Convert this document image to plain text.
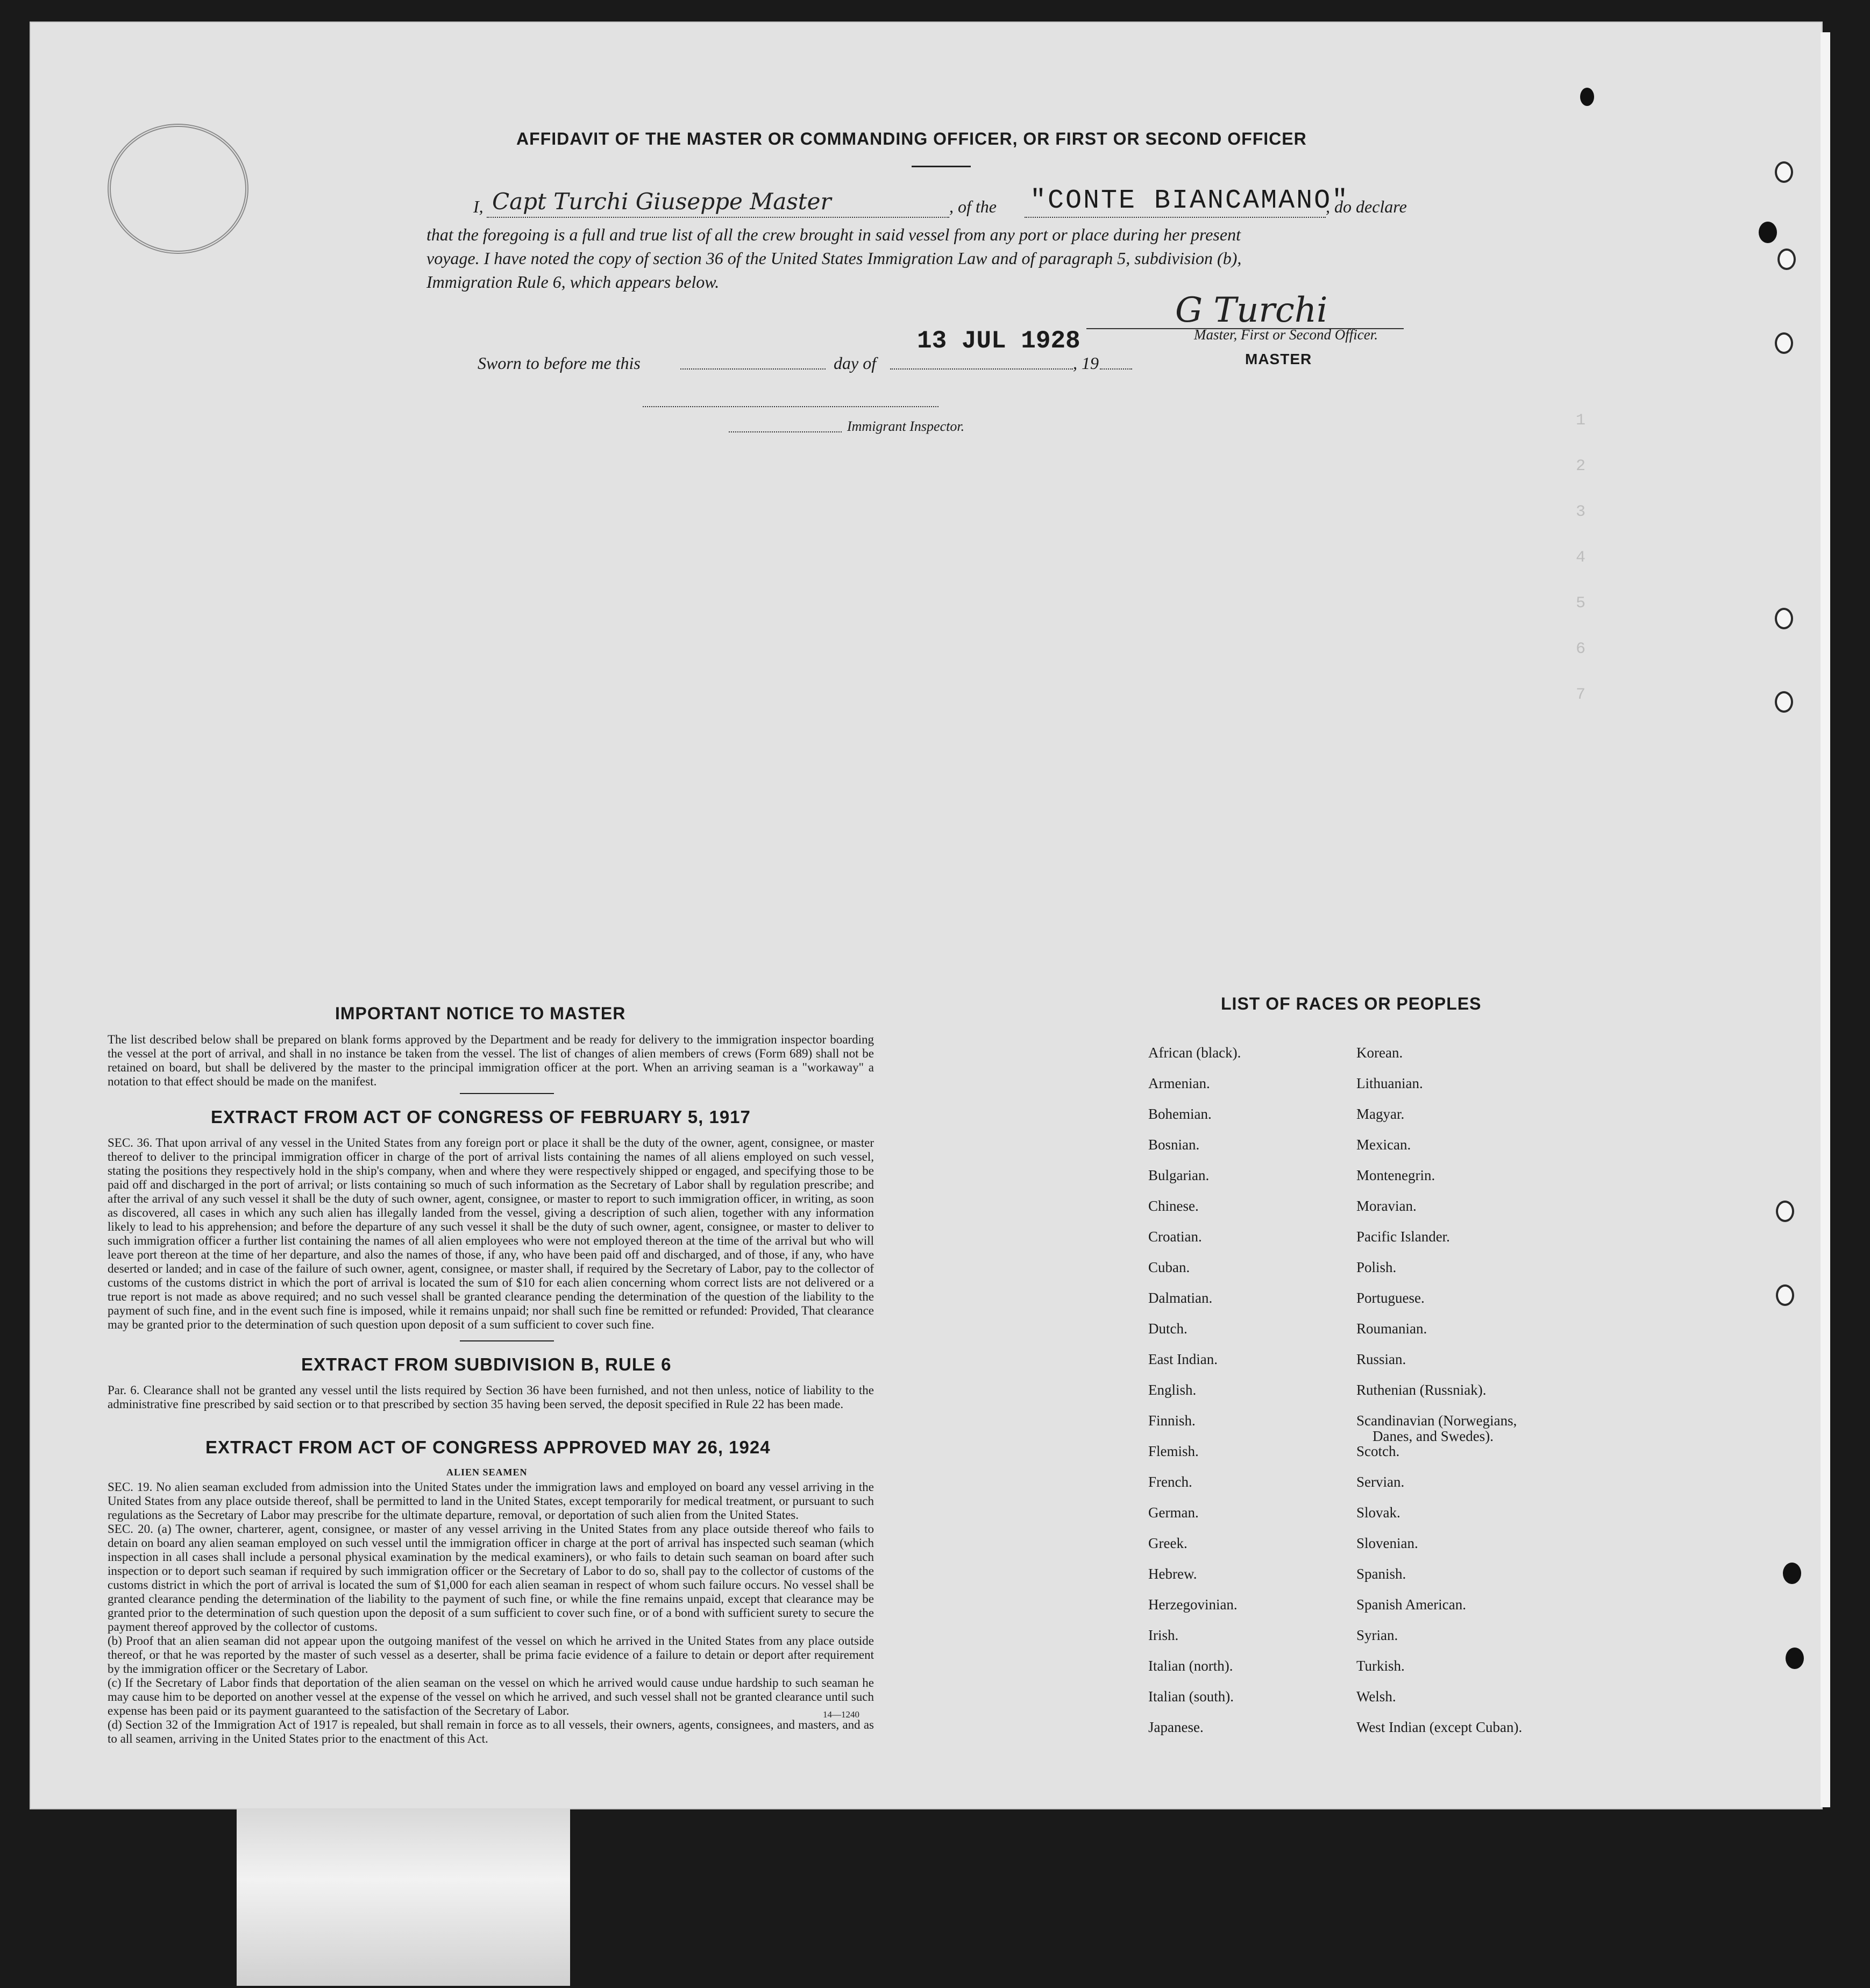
1
2
3
4
5
6
7
AFFIDAVIT OF THE MASTER OR COMMANDING OFFICER, OR FIRST OR SECOND OFFICER
I, Capt Turchi Giuseppe Master	, of the "CONTE BIANCAMANO"
, do declare
that the foregoing is a full and true list of all the crew brought in said vessel from any port or place during her present
voyage. I have noted the copy of section 36 of the United States Immigration Law and of paragraph 5, subdivision (b),
Immigration Rule 6, which appears below.
G Turchi
Master, First or Second Officer.
MASTER
Sworn to before me this	day of
13 JUL 1928
, 19
Immigrant Inspector.
IMPORTANT NOTICE TO MASTER
The list described below shall be prepared on blank forms approved by the Department and be ready for delivery to the immigration inspector boarding the vessel at the port of arrival, and shall in no instance be taken from the vessel. The list of changes of alien members of crews (Form 689) shall not be retained on board, but shall be delivered by the master to the principal immigration officer at the port. When an arriving seaman is a "workaway" a notation to that effect should be made on the manifest.
EXTRACT FROM ACT OF CONGRESS OF FEBRUARY 5, 1917
SEC. 36. That upon arrival of any vessel in the United States from any foreign port or place it shall be the duty of the owner, agent, consignee, or master thereof to deliver to the principal immigration officer in charge of the port of arrival lists containing the names of all aliens employed on such vessel, stating the positions they respectively hold in the ship's company, when and where they were respectively shipped or engaged, and specifying those to be paid off and discharged in the port of arrival; or lists containing so much of such information as the Secretary of Labor shall by regulation prescribe; and after the arrival of any such vessel it shall be the duty of such owner, agent, consignee, or master to report to such immigration officer, in writing, as soon as discovered, all cases in which any such alien has illegally landed from the vessel, giving a description of such alien, together with any information likely to lead to his apprehension; and before the departure of any such vessel it shall be the duty of such owner, agent, consignee, or master to deliver to such immigration officer a further list containing the names of all alien employees who were not employed thereon at the time of the arrival but who will leave port thereon at the time of her departure, and also the names of those, if any, who have been paid off and discharged, and of those, if any, who have deserted or landed; and in case of the failure of such owner, agent, consignee, or master shall, if required by the Secretary of Labor, pay to the collector of customs of the customs district in which the port of arrival is located the sum of $10 for each alien concerning whom correct lists are not delivered or a true report is not made as above required; and no such vessel shall be granted clearance pending the determination of the question of the liability to the payment of such fine, and in the event such fine is imposed, while it remains unpaid; nor shall such fine be remitted or refunded: Provided, That clearance may be granted prior to the determination of such question upon deposit of a sum sufficient to cover such fine.
EXTRACT FROM SUBDIVISION B, RULE 6
Par. 6. Clearance shall not be granted any vessel until the lists required by Section 36 have been furnished, and not then unless, notice of liability to the administrative fine prescribed by said section or to that prescribed by section 35 having been served, the deposit specified in Rule 22 has been made.
EXTRACT FROM ACT OF CONGRESS APPROVED MAY 26, 1924
ALIEN SEAMEN

SEC. 19. No alien seaman excluded from admission into the United States under the immigration laws and employed on board any vessel arriving in the United States from any place outside thereof, shall be permitted to land in the United States, except temporarily for medical treatment, or pursuant to such regulations as the Secretary of Labor may prescribe for the ultimate departure, removal, or deportation of such alien from the United States.

SEC. 20. (a) The owner, charterer, agent, consignee, or master of any vessel arriving in the United States from any place outside thereof who fails to detain on board any alien seaman employed on such vessel until the immigration officer in charge at the port of arrival has inspected such seaman (which inspection in all cases shall include a personal physical examination by the medical examiners), or who fails to detain such seaman on board after such inspection or to deport such seaman if required by such immigration officer or the Secretary of Labor to do so, shall pay to the collector of customs of the customs district in which the port of arrival is located the sum of $1,000 for each alien seaman in respect of whom such failure occurs. No vessel shall be granted clearance pending the determination of the liability to the payment of such fine, or while the fine remains unpaid, except that clearance may be granted prior to the determination of such question upon the deposit of a sum sufficient to cover such fine, or of a bond with sufficient surety to secure the payment thereof approved by the collector of customs.

(b) Proof that an alien seaman did not appear upon the outgoing manifest of the vessel on which he arrived in the United States from any place outside thereof, or that he was reported by the master of such vessel as a deserter, shall be prima facie evidence of a failure to detain or deport after requirement by the immigration officer or the Secretary of Labor.

(c) If the Secretary of Labor finds that deportation of the alien seaman on the vessel on which he arrived would cause undue hardship to such seaman he may cause him to be deported on another vessel at the expense of the vessel on which he arrived, and such vessel shall not be granted clearance until such expense has been paid or its payment guaranteed to the satisfaction of the Secretary of Labor.

(d) Section 32 of the Immigration Act of 1917 is repealed, but shall remain in force as to all vessels, their owners, agents, consignees, and masters, and as to all seamen, arriving in the United States prior to the enactment of this Act.

14—1240
LIST OF RACES OR PEOPLES
African (black).
Armenian.
Bohemian.
Bosnian.
Bulgarian.
Chinese.
Croatian.
Cuban.
Dalmatian.
Dutch.
East Indian.
English.
Finnish.
Flemish.
French.
German.
Greek.
Hebrew.
Herzegovinian.
Irish.
Italian (north).
Italian (south).
Japanese.
Korean.
Lithuanian.
Magyar.
Mexican.
Montenegrin.
Moravian.
Pacific Islander.
Polish.
Portuguese.
Roumanian.
Russian.
Ruthenian (Russniak).
Scandinavian (Norwegians,
Danes, and Swedes).
Scotch.
Servian.
Slovak.
Slovenian.
Spanish.
Spanish American.
Syrian.
Turkish.
Welsh.
West Indian (except Cuban).
